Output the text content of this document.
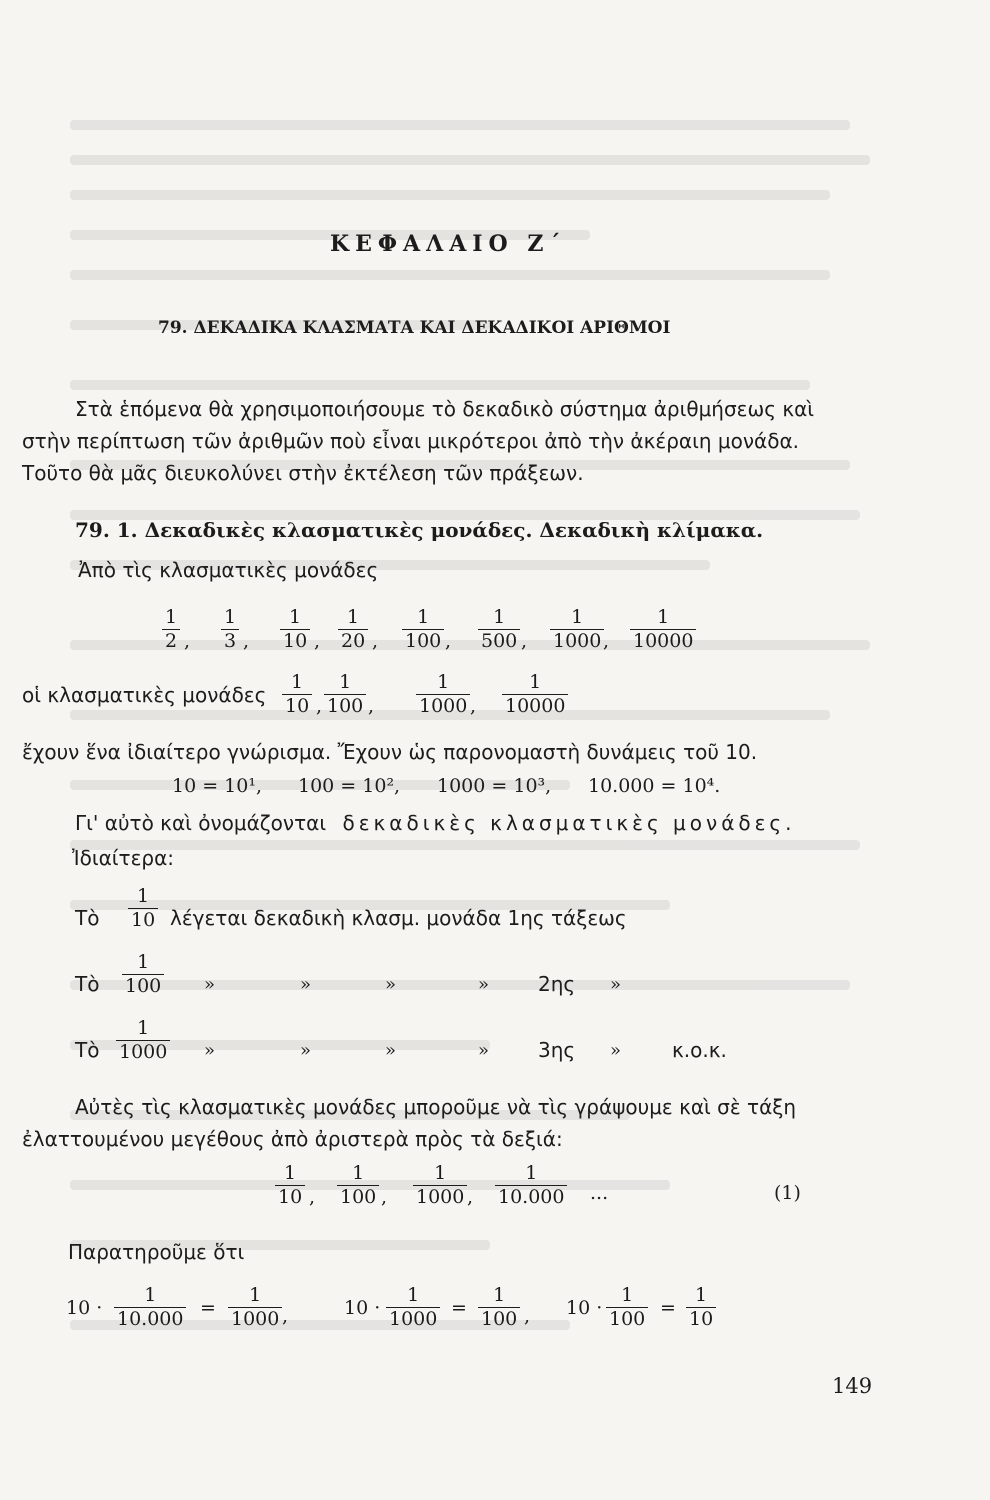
ΚΕΦΑΛΑΙΟ Ζ΄
79. ΔΕΚΑΔΙΚΑ ΚΛΑΣΜΑΤΑ ΚΑΙ ΔΕΚΑΔΙΚΟΙ ΑΡΙΘΜΟΙ
Στὰ ἑπόμενα θὰ χρησιμοποιήσουμε τὸ δεκαδικὸ σύστημα ἀριθμήσεως καὶ
στὴν περίπτωση τῶν ἀριθμῶν ποὺ εἶναι μικρότεροι ἀπὸ τὴν ἀκέραιη μονάδα.
Τοῦτο θὰ μᾶς διευκολύνει στὴν ἐκτέλεση τῶν πράξεων.
79. 1. Δεκαδικὲς κλασματικὲς μονάδες. Δεκαδικὴ κλίμακα.
Ἀπὸ τὶς κλασματικὲς μονάδες
$\frac{1}{2}$ , $\frac{1}{3}$ , $\frac{1}{10}$ , $\frac{1}{20}$ , $\frac{1}{100}$ , $\frac{1}{500}$ , $\frac{1}{1000}$
, $\frac{1}{10000}$
οἱ κλασματικὲς μονάδες $\frac{1}{10}$ , $\frac{1}{100}$ , $\frac{1}{1000}$ , $\frac{1}{10000}$
ἔχουν ἕνα ἰδιαίτερο γνώρισμα. Ἔχουν ὡς παρονομαστὴ δυνάμεις τοῦ 10.
10 = 10¹, 100 = 10², 1000 = 10³, 10.000 = 10⁴.
Γι' αὐτὸ καὶ ὀνομάζονται δεκαδικὲς κλασματικὲς μονάδες.
Ἰδιαίτερα:
Τὸ $\frac{1}{10}$ λέγεται δεκαδικὴ κλασμ. μονάδα 1ης τάξεως
Τὸ $\frac{1}{100}$ »	»	»	» 2ης »
Τὸ $\frac{1}{1000}$ »	»	»	» 3ης »	κ.ο.κ.
Αὐτὲς τὶς κλασματικὲς μονάδες μποροῦμε νὰ τὶς γράψουμε καὶ σὲ τάξη
ἐλαττουμένου μεγέθους ἀπὸ ἀριστερὰ πρὸς τὰ δεξιά:
$\frac{1}{10}$ , $\frac{1}{100}$ , $\frac{1}{1000}$ , $\frac{1}{10.000}$ ...	(1)
Παρατηροῦμε ὅτι
$10 \cdot \frac{1}{10.000} = \frac{1}{1000}$ ,	$10 \cdot \frac{1}{1000} = \frac{1}{100}$ , $10 \cdot \frac{1}{100} = \frac{1}{10}$
149
